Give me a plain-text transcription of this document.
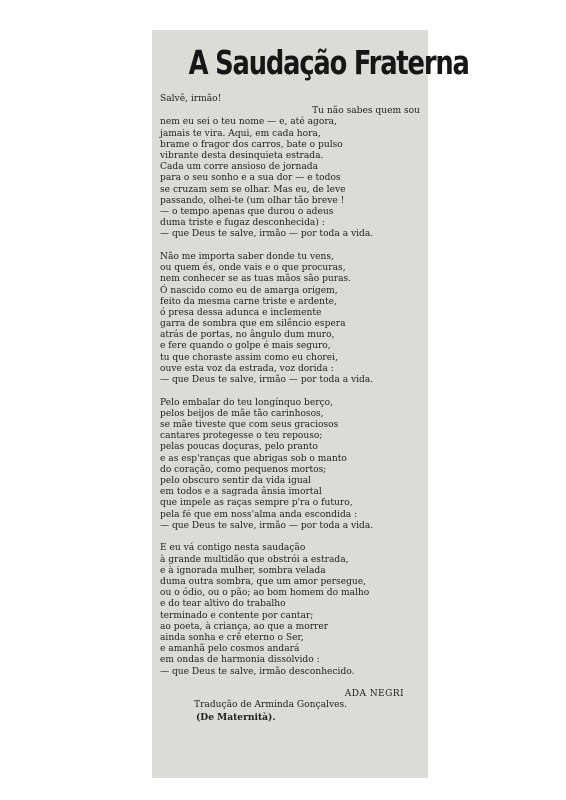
A Saudação Fraterna
Salvê, irmão!
Tu não sabes quem sou
nem eu sei o teu nome — e, até agora,
jamais te vira. Aqui, em cada hora,
brame o fragor dos carros, bate o pulso
vibrante desta desinquieta estrada.
Cada um corre ansioso de jornada
para o seu sonho e a sua dor — e todos
se cruzam sem se olhar. Mas eu, de leve
passando, olhei-te (um olhar tão breve !
— o tempo apenas que durou o adeus
duma triste e fugaz desconhecida) :
— que Deus te salve, irmão — por toda a vida.
Não me importa saber donde tu vens,
ou quem és, onde vais e o que procuras,
nem conhecer se as tuas mãos são puras.
Ó nascido como eu de amarga origem,
feito da mesma carne triste e ardente,
ó presa dessa adunca e inclemente
garra de sombra que em silêncio espera
atrás de portas, no ângulo dum muro,
e fere quando o golpe é mais seguro,
tu que choraste assim como eu chorei,
ouve esta voz da estrada, voz dorida :
— que Deus te salve, irmão — por toda a vida.
Pelo embalar do teu longínquo berço,
pelos beijos de mãe tão carinhosos,
se mãe tiveste que com seus graciosos
cantares protegesse o teu repouso;
pelas poucas doçuras, pelo pranto
e as esp'ranças que abrigas sob o manto
do coração, como pequenos mortos;
pelo obscuro sentir da vida igual
em todos e a sagrada ânsia imortal
que impele as raças sempre p'ra o futuro,
pela fé que em noss'alma anda escondida :
— que Deus te salve, irmão — por toda a vida.
E eu vá contigo nesta saudação
à grande multidão que obstrói a estrada,
e à ignorada mulher, sombra velada
duma outra sombra, que um amor persegue,
ou o ódio, ou o pão; ao bom homem do malho
e do tear altivo do trabalho
terminado e contente por cantar;
ao poeta, à criança, ao que a morrer
ainda sonha e crê eterno o Ser,
e amanhã pelo cosmos andará
em ondas de harmonia dissolvido :
— que Deus te salve, irmão desconhecido.
ADA NEGRI
Tradução de Arminda Gonçalves.
(De Maternità).
